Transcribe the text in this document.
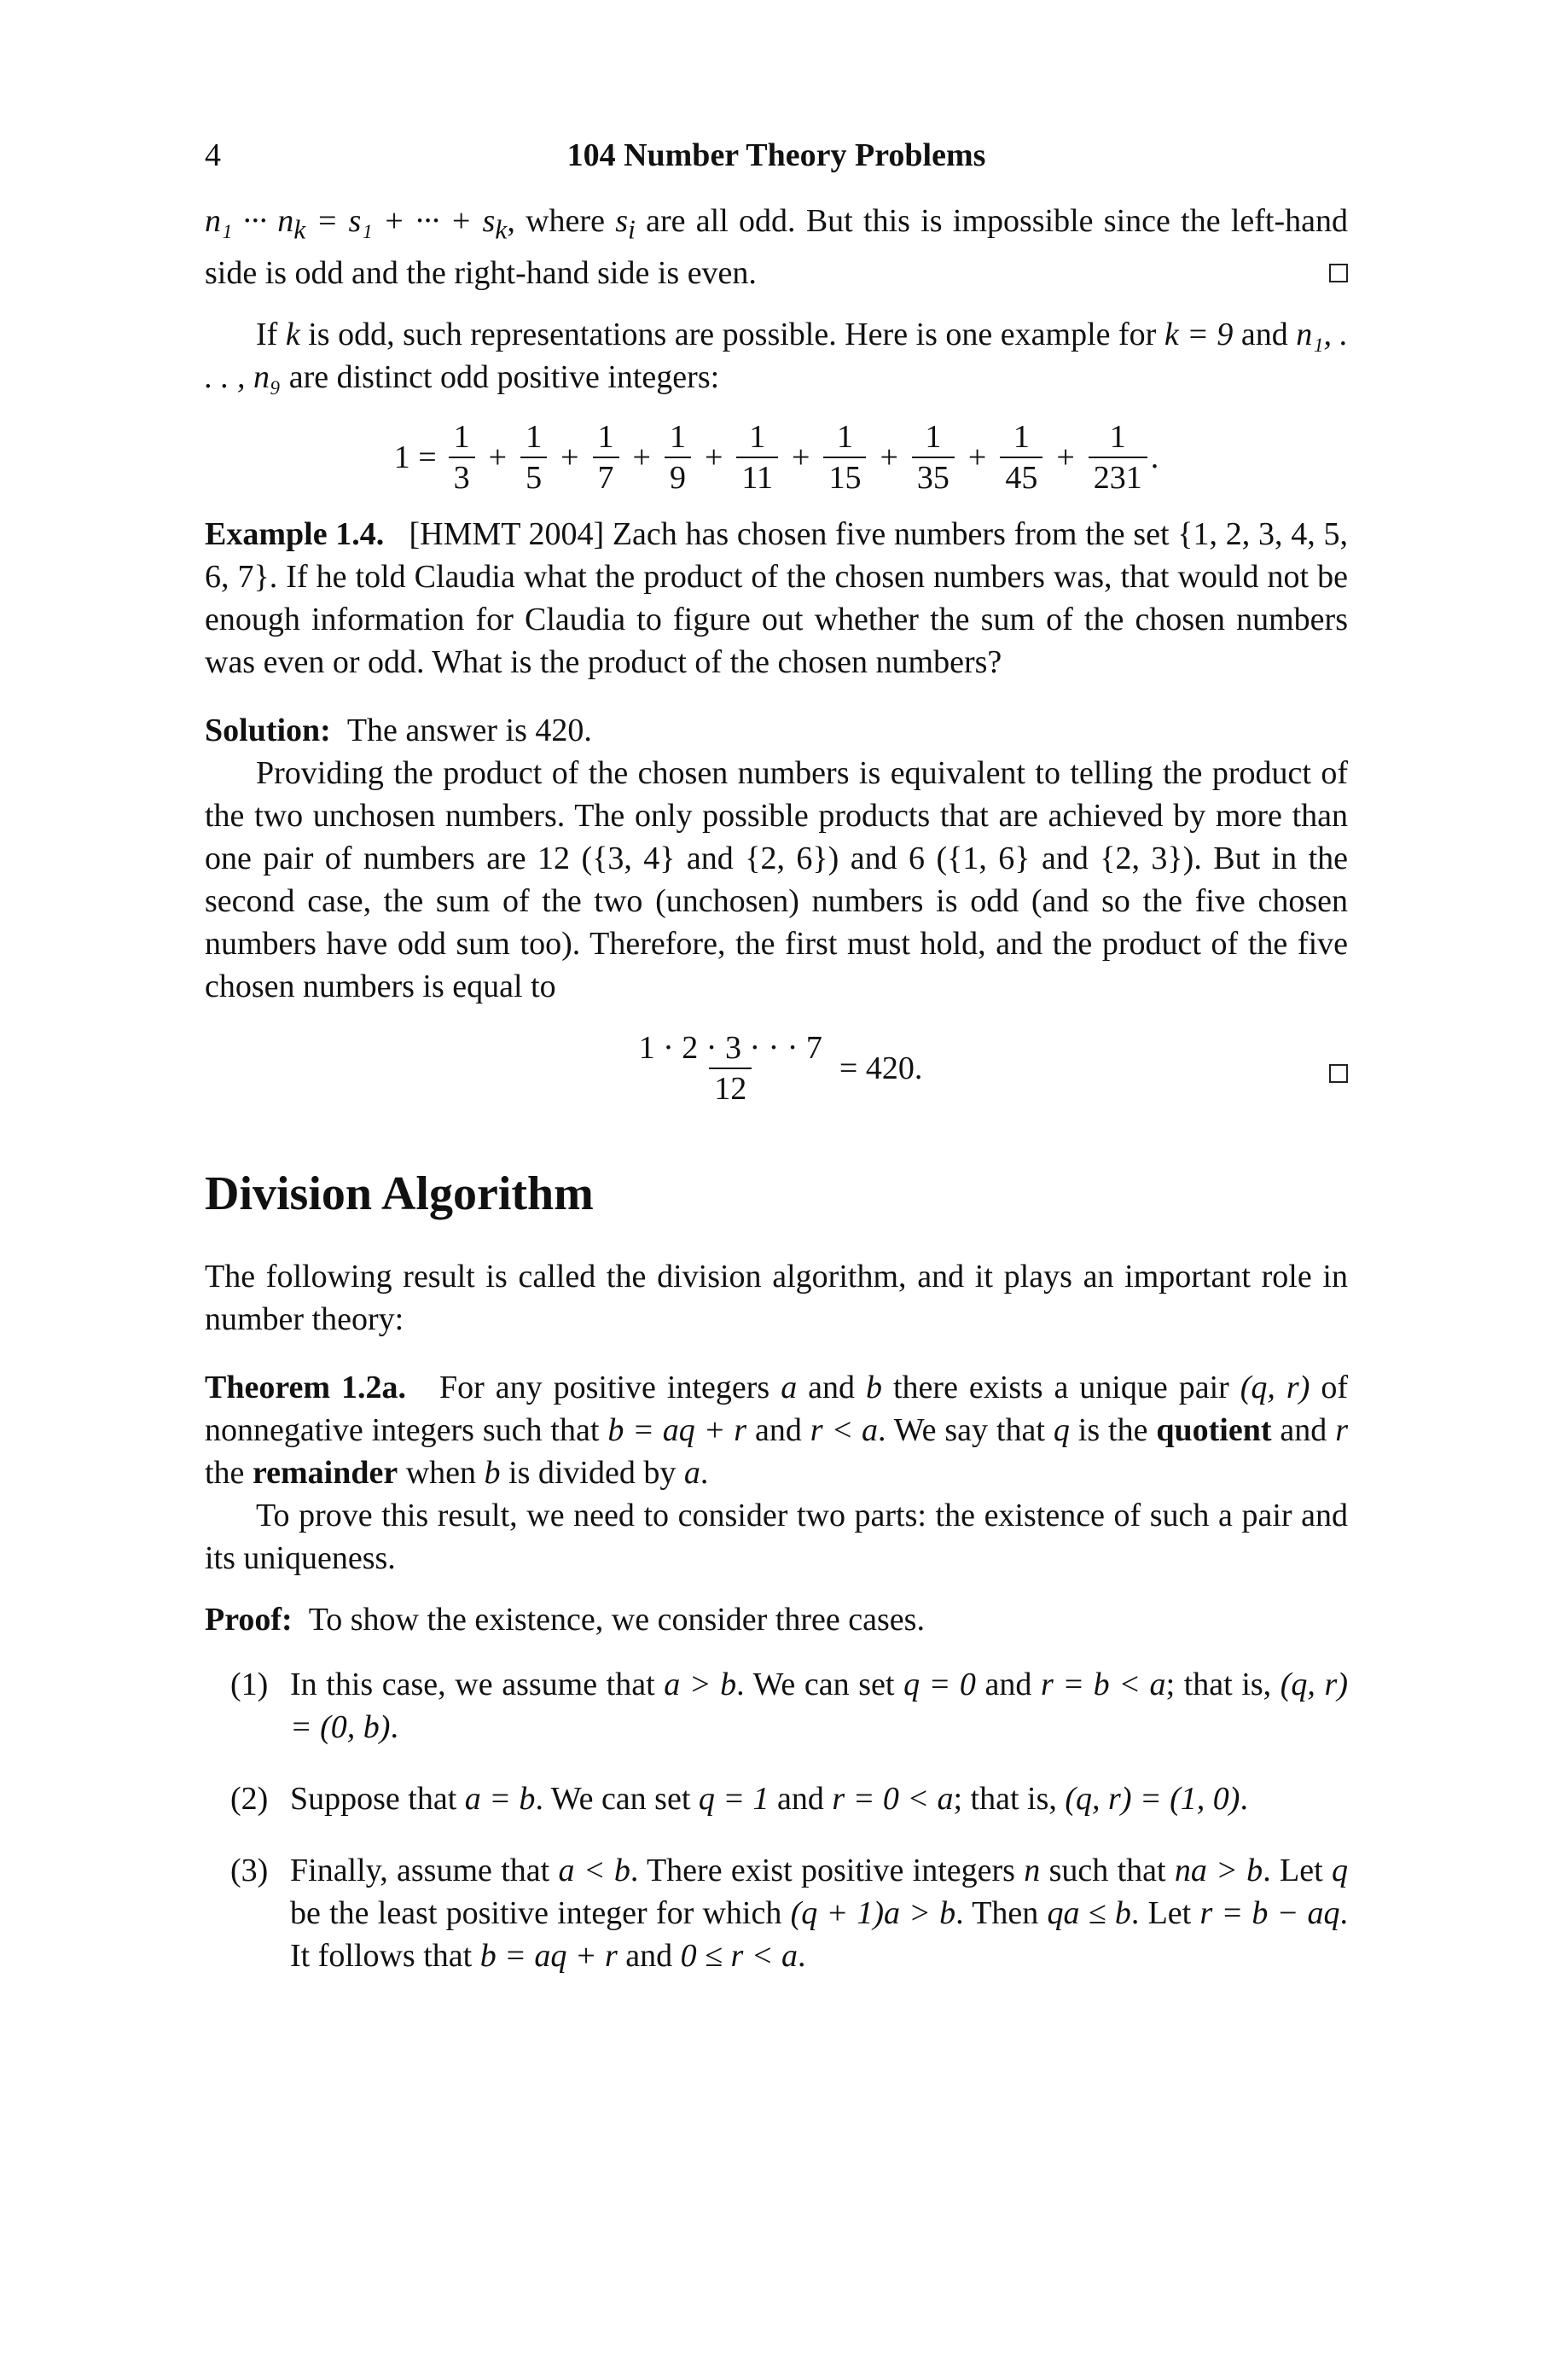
4	104 Number Theory Problems

n₁ ··· $n_k = s_1$ + ··· + $s_k$, where $s_i$ are all odd. But this is impossible since the left-hand side is odd and the right-hand side is even.

If k is odd, such representations are possible. Here is one example for k = 9 and n₁, . . . , n₉ are distinct odd positive integers:

$1 = \frac{1}{3} + \frac{1}{5} + \frac{1}{7} + \frac{1}{9} + \frac{1}{11} + \frac{1}{15} + \frac{1}{35} + \frac{1}{45} + \frac{1}{231}$ .

Example 1.4. [HMMT 2004] Zach has chosen five numbers from the set {1, 2, 3, 4, 5, 6, 7}. If he told Claudia what the product of the chosen numbers was, that would not be enough information for Claudia to figure out whether the sum of the chosen numbers was even or odd. What is the product of the chosen numbers?

Solution: The answer is 420.

Providing the product of the chosen numbers is equivalent to telling the product of the two unchosen numbers. The only possible products that are achieved by more than one pair of numbers are 12 ({3, 4} and {2, 6}) and 6 ({1, 6} and {2, 3}). But in the second case, the sum of the two (unchosen) numbers is odd (and so the five chosen numbers have odd sum too). Therefore, the first must hold, and the product of the five chosen numbers is equal to

$\frac{1 \cdot 2 \cdot 3 \cdot \cdot \cdot 7}{12} = 420$.
Division Algorithm

The following result is called the division algorithm, and it plays an important role in number theory:

Theorem 1.2a. For any positive integers a and b there exists a unique pair (q, r) of nonnegative integers such that b = aq + r and r < a. We say that q is the quotient and r the remainder when b is divided by a.

To prove this result, we need to consider two parts: the existence of such a pair and its uniqueness.

Proof: To show the existence, we consider three cases.

(1) In this case, we assume that a > b. We can set q = 0 and r = b < a; that is, (q, r) = (0, b).
(2) Suppose that a = b. We can set q = 1 and r = 0 < a; that is, (q, r) = (1, 0).
(3) Finally, assume that a < b. There exist positive integers n such that na > b. Let q be the least positive integer for which (q + 1)a > b. Then qa ≤ b. Let r = b − aq. It follows that b = aq + r and 0 ≤ r < a.
